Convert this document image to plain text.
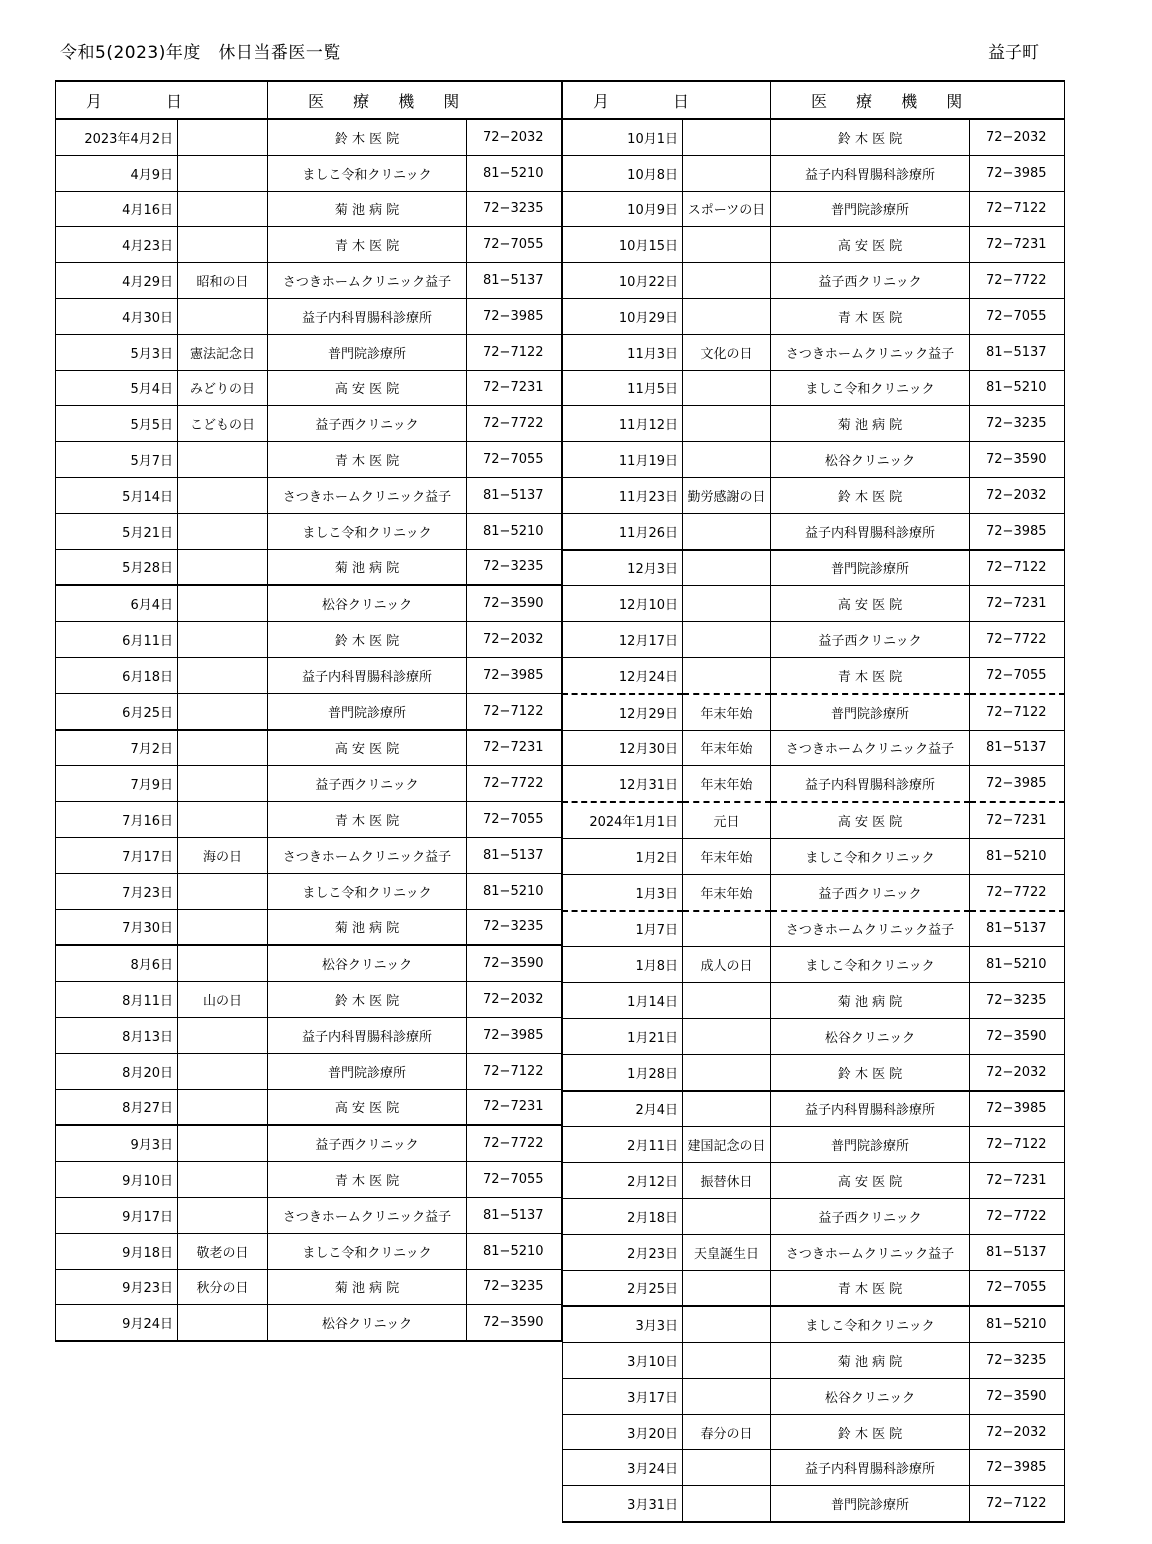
令和5(2023)年度　休日当番医一覧	益子町
月　日		医 療 機 関	
2023年4月2日		鈴 木 医 院	72−2032
4月9日		ましこ令和クリニック	81−5210
4月16日		菊 池 病 院	72−3235
4月23日		青 木 医 院	72−7055
4月29日	昭和の日	さつきホームクリニック益子	81−5137
4月30日		益子内科胃腸科診療所	72−3985
5月3日	憲法記念日	普門院診療所	72−7122
5月4日	みどりの日	高 安 医 院	72−7231
5月5日	こどもの日	益子西クリニック	72−7722
5月7日		青 木 医 院	72−7055
5月14日		さつきホームクリニック益子	81−5137
5月21日		ましこ令和クリニック	81−5210
5月28日		菊 池 病 院	72−3235
6月4日		松谷クリニック	72−3590
6月11日		鈴 木 医 院	72−2032
6月18日		益子内科胃腸科診療所	72−3985
6月25日		普門院診療所	72−7122
7月2日		高 安 医 院	72−7231
7月9日		益子西クリニック	72−7722
7月16日		青 木 医 院	72−7055
7月17日	海の日	さつきホームクリニック益子	81−5137
7月23日		ましこ令和クリニック	81−5210
7月30日		菊 池 病 院	72−3235
8月6日		松谷クリニック	72−3590
8月11日	山の日	鈴 木 医 院	72−2032
8月13日		益子内科胃腸科診療所	72−3985
8月20日		普門院診療所	72−7122
8月27日		高 安 医 院	72−7231
9月3日		益子西クリニック	72−7722
9月10日		青 木 医 院	72−7055
9月17日		さつきホームクリニック益子	81−5137
9月18日	敬老の日	ましこ令和クリニック	81−5210
9月23日	秋分の日	菊 池 病 院	72−3235
9月24日		松谷クリニック	72−3590
月　日		医 療 機 関	
10月1日		鈴 木 医 院	72−2032
10月8日		益子内科胃腸科診療所	72−3985
10月9日	スポーツの日	普門院診療所	72−7122
10月15日		高 安 医 院	72−7231
10月22日		益子西クリニック	72−7722
10月29日		青 木 医 院	72−7055
11月3日	文化の日	さつきホームクリニック益子	81−5137
11月5日		ましこ令和クリニック	81−5210
11月12日		菊 池 病 院	72−3235
11月19日		松谷クリニック	72−3590
11月23日	勤労感謝の日	鈴 木 医 院	72−2032
11月26日		益子内科胃腸科診療所	72−3985
12月3日		普門院診療所	72−7122
12月10日		高 安 医 院	72−7231
12月17日		益子西クリニック	72−7722
12月24日		青 木 医 院	72−7055
12月29日	年末年始	普門院診療所	72−7122
12月30日	年末年始	さつきホームクリニック益子	81−5137
12月31日	年末年始	益子内科胃腸科診療所	72−3985
2024年1月1日	元日	高 安 医 院	72−7231
1月2日	年末年始	ましこ令和クリニック	81−5210
1月3日	年末年始	益子西クリニック	72−7722
1月7日		さつきホームクリニック益子	81−5137
1月8日	成人の日	ましこ令和クリニック	81−5210
1月14日		菊 池 病 院	72−3235
1月21日		松谷クリニック	72−3590
1月28日		鈴 木 医 院	72−2032
2月4日		益子内科胃腸科診療所	72−3985
2月11日	建国記念の日	普門院診療所	72−7122
2月12日	振替休日	高 安 医 院	72−7231
2月18日		益子西クリニック	72−7722
2月23日	天皇誕生日	さつきホームクリニック益子	81−5137
2月25日		青 木 医 院	72−7055
3月3日		ましこ令和クリニック	81−5210
3月10日		菊 池 病 院	72−3235
3月17日		松谷クリニック	72−3590
3月20日	春分の日	鈴 木 医 院	72−2032
3月24日		益子内科胃腸科診療所	72−3985
3月31日		普門院診療所	72−7122
